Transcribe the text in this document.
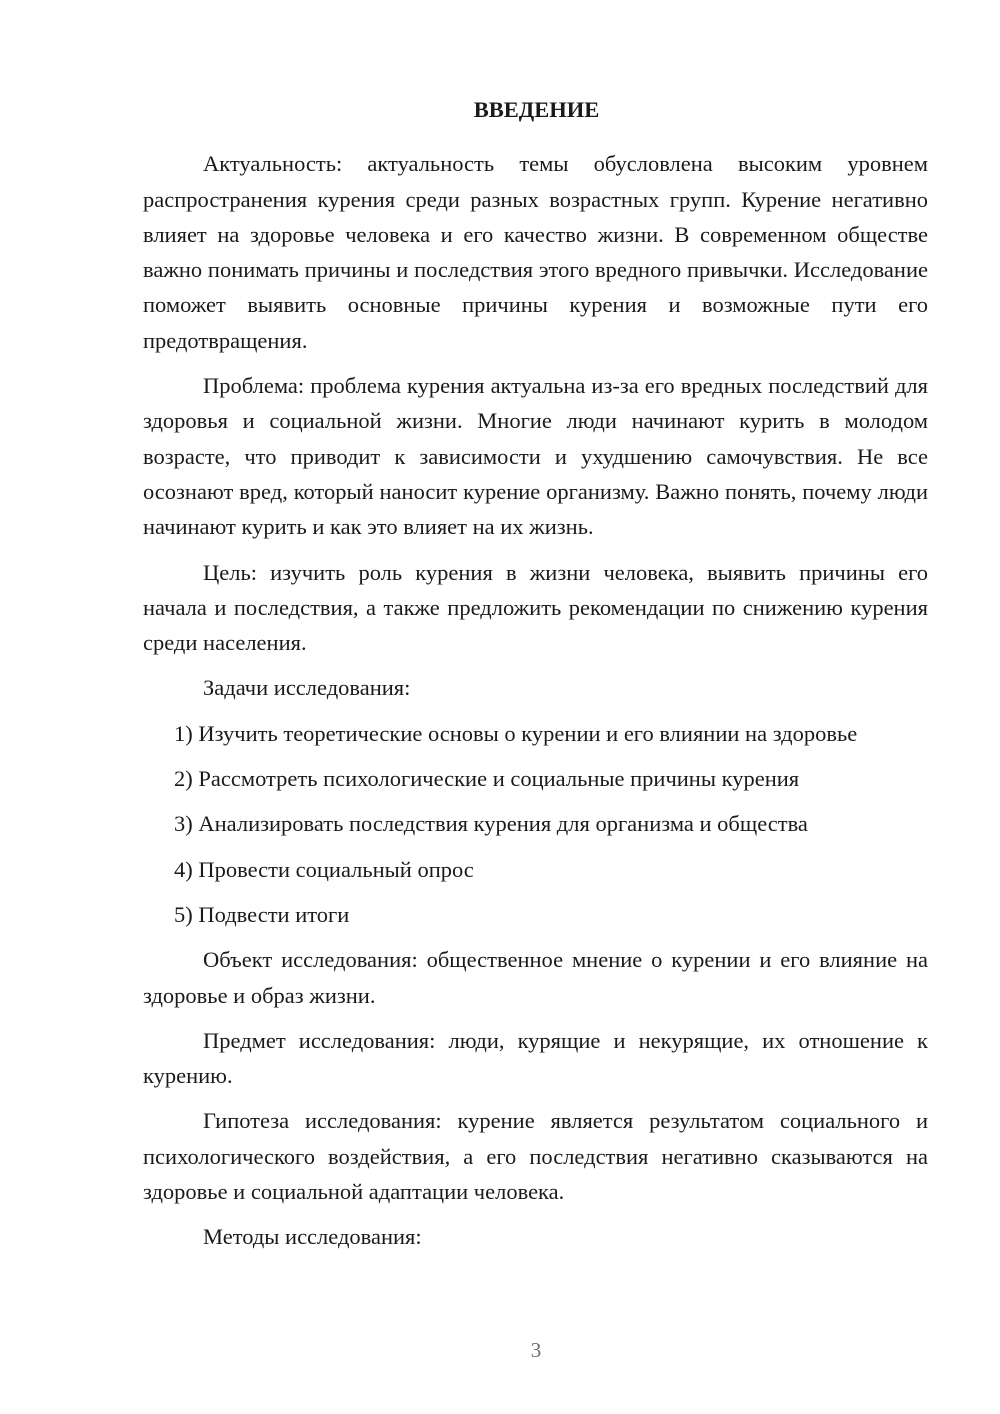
ВВЕДЕНИЕ

Актуальность: актуальность темы обусловлена высоким уровнем распространения курения среди разных возрастных групп. Курение негативно влияет на здоровье человека и его качество жизни. В современном обществе важно понимать причины и последствия этого вредного привычки. Исследование поможет выявить основные причины курения и возможные пути его предотвращения.

Проблема: проблема курения актуальна из-за его вредных последствий для здоровья и социальной жизни. Многие люди начинают курить в молодом возрасте, что приводит к зависимости и ухудшению самочувствия. Не все осознают вред, который наносит курение организму. Важно понять, почему люди начинают курить и как это влияет на их жизнь.

Цель: изучить роль курения в жизни человека, выявить причины его начала и последствия, а также предложить рекомендации по снижению курения среди населения.

Задачи исследования:

1) Изучить теоретические основы о курении и его влиянии на здоровье
2) Рассмотреть психологические и социальные причины курения
3) Анализировать последствия курения для организма и общества
4) Провести социальный опрос
5) Подвести итоги

Объект исследования: общественное мнение о курении и его влияние на здоровье и образ жизни.

Предмет исследования: люди, курящие и некурящие, их отношение к курению.

Гипотеза исследования: курение является результатом социального и психологического воздействия, а его последствия негативно сказываются на здоровье и социальной адаптации человека.

Методы исследования:

3
